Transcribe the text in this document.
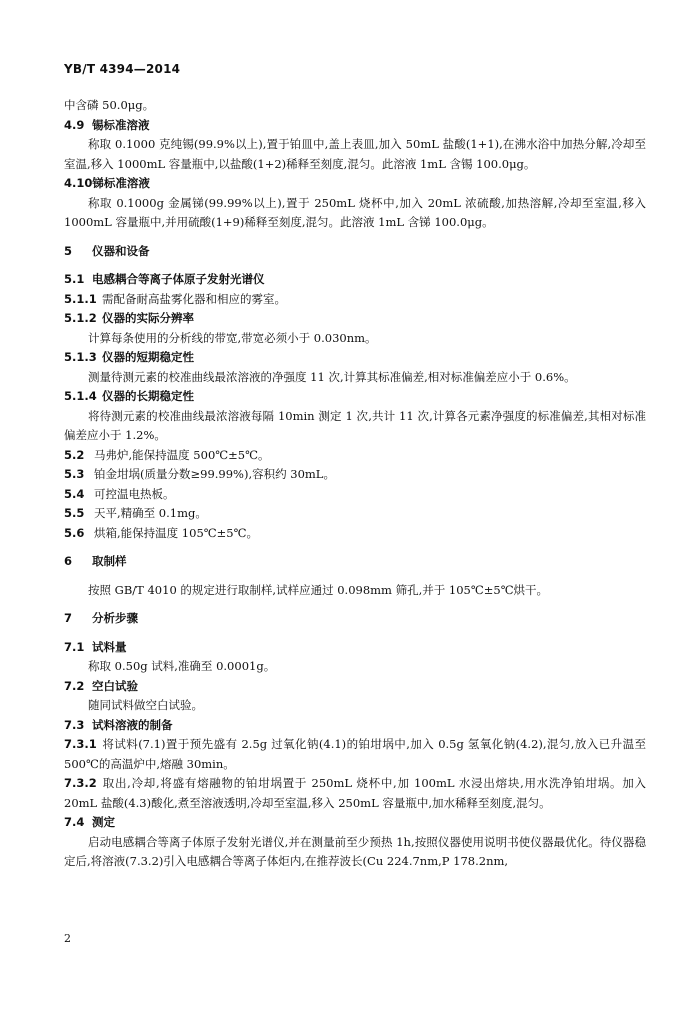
YB/T 4394—2014

中含磷 50.0μg。

4.9 锡标准溶液

称取 0.1000 克纯锡(99.9%以上),置于铂皿中,盖上表皿,加入 50mL 盐酸(1+1),在沸水浴中加热分解,冷却至室温,移入 1000mL 容量瓶中,以盐酸(1+2)稀释至刻度,混匀。此溶液 1mL 含锡 100.0μg。

4.10锑标准溶液

称取 0.1000g 金属锑(99.99%以上),置于 250mL 烧杯中,加入 20mL 浓硫酸,加热溶解,冷却至室温,移入 1000mL 容量瓶中,并用硫酸(1+9)稀释至刻度,混匀。此溶液 1mL 含锑 100.0μg。

5 仪器和设备

5.1 电感耦合等离子体原子发射光谱仪

5.1.1 需配备耐高盐雾化器和相应的雾室。

5.1.2 仪器的实际分辨率

计算每条使用的分析线的带宽,带宽必须小于 0.030nm。

5.1.3 仪器的短期稳定性

测量待测元素的校准曲线最浓溶液的净强度 11 次,计算其标准偏差,相对标准偏差应小于 0.6%。

5.1.4 仪器的长期稳定性

将待测元素的校准曲线最浓溶液每隔 10min 测定 1 次,共计 11 次,计算各元素净强度的标准偏差,其相对标准偏差应小于 1.2%。

5.2 马弗炉,能保持温度 500℃±5℃。

5.3 铂金坩埚(质量分数≥99.99%),容积约 30mL。

5.4 可控温电热板。

5.5 天平,精确至 0.1mg。

5.6 烘箱,能保持温度 105℃±5℃。

6 取制样

按照 GB/T 4010 的规定进行取制样,试样应通过 0.098mm 筛孔,并于 105℃±5℃烘干。

7 分析步骤

7.1 试料量

称取 0.50g 试料,准确至 0.0001g。

7.2 空白试验

随同试料做空白试验。

7.3 试料溶液的制备

7.3.1 将试料(7.1)置于预先盛有 2.5g 过氧化钠(4.1)的铂坩埚中,加入 0.5g 氢氧化钠(4.2),混匀,放入已升温至 500℃的高温炉中,熔融 30min。

7.3.2 取出,冷却,将盛有熔融物的铂坩埚置于 250mL 烧杯中,加 100mL 水浸出熔块,用水洗净铂坩埚。加入 20mL 盐酸(4.3)酸化,煮至溶液透明,冷却至室温,移入 250mL 容量瓶中,加水稀释至刻度,混匀。

7.4 测定

启动电感耦合等离子体原子发射光谱仪,并在测量前至少预热 1h,按照仪器使用说明书使仪器最优化。待仪器稳定后,将溶液(7.3.2)引入电感耦合等离子体炬内,在推荐波长(Cu 224.7nm,P 178.2nm,

2
